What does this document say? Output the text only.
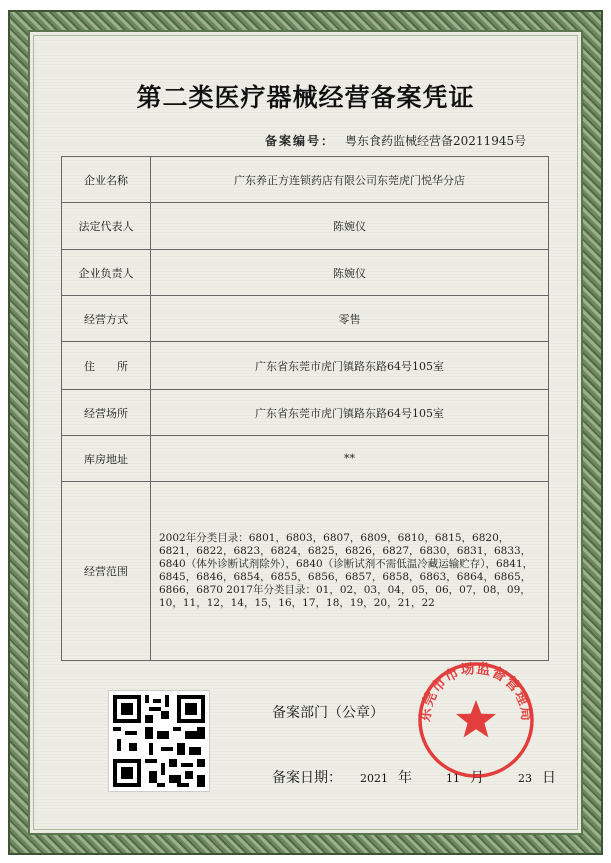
第二类医疗器械经营备案凭证
备案编号： 粤东食药监械经营备20211945号
企业名称	广东养正方连锁药店有限公司东莞虎门悦华分店
法定代表人	陈婉仪
企业负责人	陈婉仪
经营方式	零售
住　　所	广东省东莞市虎门镇路东路64号105室
经营场所	广东省东莞市虎门镇路东路64号105室
库房地址	**
经营范围	2002年分类目录：6801，6803，6807，6809，6810，6815，6820，6821，6822，6823，6824，6825，6826，6827，6830，6831，6833，6840（体外诊断试剂除外），6840（诊断试剂不需低温冷藏运输贮存），6841，6845，6846，6854，6855，6856，6857，6858，6863，6864，6865，6866，6870 2017年分类目录：01，02，03，04，05，06，07，08，09，10，11，12，14，15，16，17，18，19，20，21，22
备案部门（公章）
备案日期： 2021 年	11 月	23 日
东莞市市场监督管理局
